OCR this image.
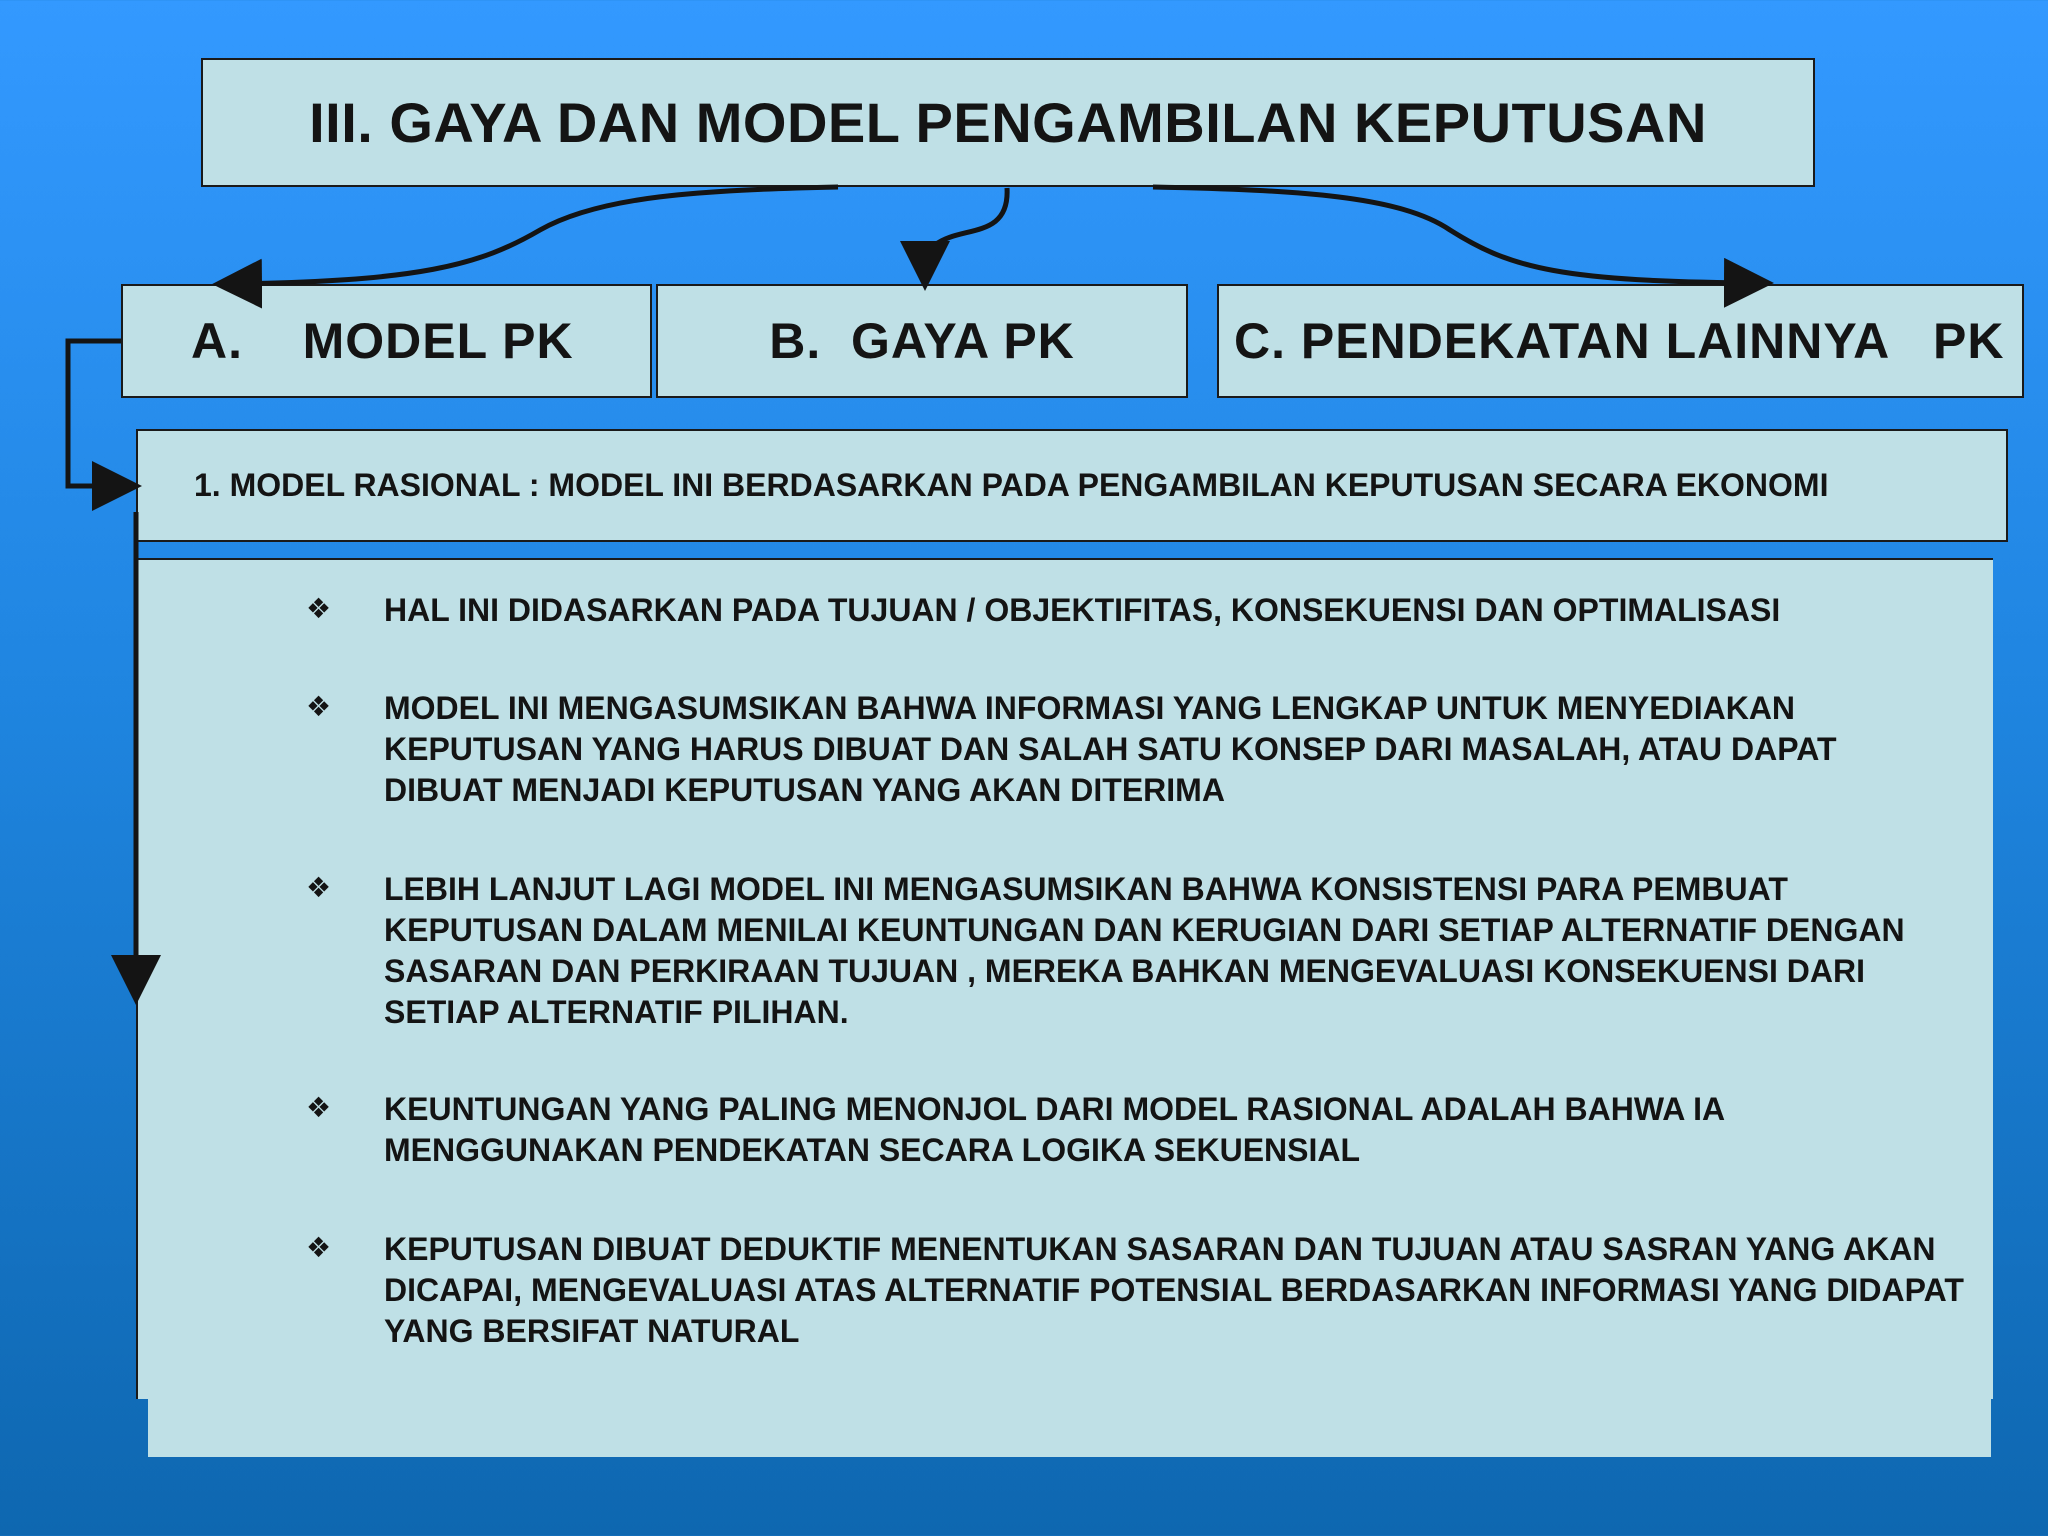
III. GAYA DAN MODEL PENGAMBILAN KEPUTUSAN
A.    MODEL PK	B.  GAYA PK	C. PENDEKATAN LAINNYA   PK
1. MODEL RASIONAL : MODEL INI BERDASARKAN PADA PENGAMBILAN KEPUTUSAN SECARA EKONOMI
❖ HAL INI DIDASARKAN PADA TUJUAN / OBJEKTIFITAS, KONSEKUENSI DAN OPTIMALISASI
❖ MODEL INI MENGASUMSIKAN BAHWA INFORMASI YANG LENGKAP UNTUK MENYEDIAKAN
KEPUTUSAN YANG HARUS DIBUAT DAN SALAH SATU KONSEP DARI MASALAH, ATAU DAPAT
DIBUAT MENJADI KEPUTUSAN YANG AKAN DITERIMA
❖ LEBIH LANJUT LAGI MODEL INI MENGASUMSIKAN BAHWA KONSISTENSI PARA PEMBUAT
KEPUTUSAN DALAM MENILAI KEUNTUNGAN DAN KERUGIAN DARI SETIAP ALTERNATIF DENGAN
SASARAN DAN PERKIRAAN TUJUAN , MEREKA BAHKAN MENGEVALUASI KONSEKUENSI DARI
SETIAP ALTERNATIF PILIHAN.
❖ KEUNTUNGAN YANG PALING MENONJOL DARI MODEL RASIONAL ADALAH BAHWA IA
MENGGUNAKAN PENDEKATAN SECARA LOGIKA SEKUENSIAL
❖ KEPUTUSAN DIBUAT DEDUKTIF MENENTUKAN SASARAN DAN TUJUAN ATAU SASRAN YANG AKAN
DICAPAI, MENGEVALUASI ATAS ALTERNATIF POTENSIAL BERDASARKAN INFORMASI YANG DIDAPAT
YANG BERSIFAT NATURAL
